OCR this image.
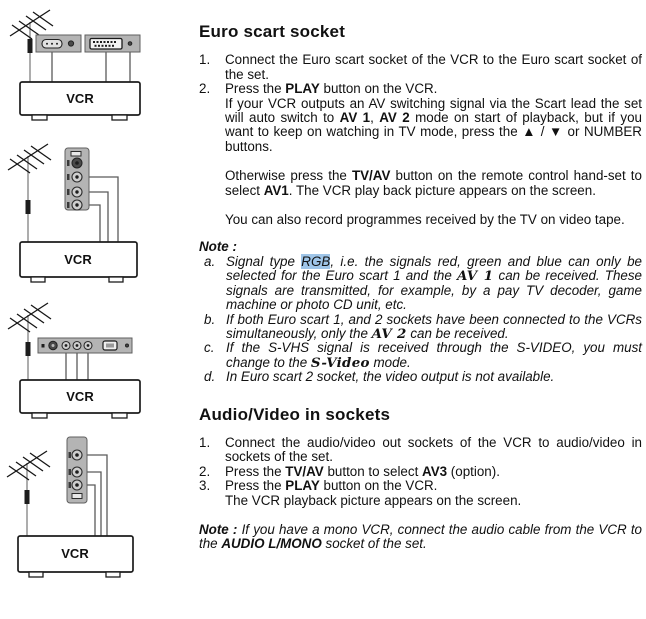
VCR
VCR
VCR
VCR
Euro scart socket
1.	Connect the Euro scart socket of the VCR to the Euro scart socket of the set.
2.	Press the PLAY button on the VCR.
If your VCR outputs an AV switching signal via the Scart lead the set will auto switch to AV 1, AV 2 mode on start of playback, but if you want to keep on watching in TV mode, press the ▲ / ▼ or NUMBER buttons.
Otherwise press the TV/AV button on the remote control hand-set to select AV1. The VCR play back picture appears on the screen.
You can also record programmes received by the TV on video tape.
Note :
a. Signal type RGB, i.e. the signals red, green and blue can only be selected for the Euro scart 1 and the AV 1 can be received. These signals are transmitted, for example, by a pay TV decoder, game machine or photo CD unit, etc.
b. If both Euro scart 1, and 2 sockets have been connected to the VCRs simultaneously, only the AV 2 can be received.
c. If the S-VHS signal is received through the S-VIDEO, you must change to the S-Video mode.
d. In Euro scart 2 socket, the video output is not available.
Audio/Video in sockets
1.	Connect the audio/video out sockets of the VCR to audio/video in sockets of the set.
2.	Press the TV/AV button to select AV3 (option).
3.	Press the PLAY button on the VCR.
The VCR playback picture appears on the screen.
Note : If you have a mono VCR, connect the audio cable from the VCR to the AUDIO L/MONO socket of the set.
